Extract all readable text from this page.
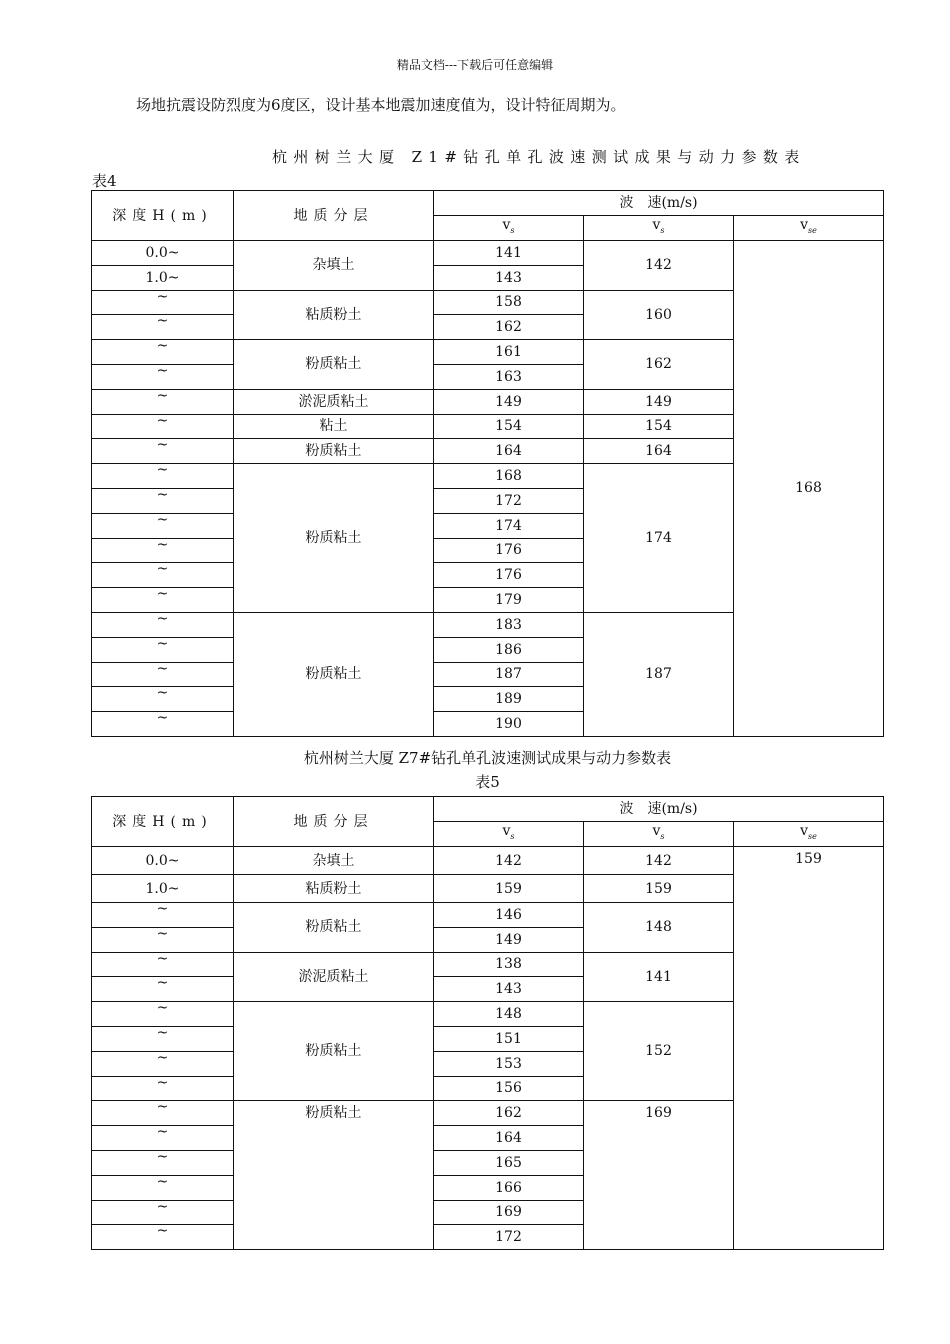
精品文档---下载后可任意编辑
场地抗震设防烈度为6度区，设计基本地震加速度值为，设计特征周期为。
杭州树兰大厦 Z1#钻孔单孔波速测试成果与动力参数表
表4
深度H(m)	地质分层	波　速(m/s)		
		$v_s$	$v_s$	$v_{se}$
0.0~	杂填土	141	142	168
1.0~		143		
~	粘质粉土	158	160	
~		162		
~	粉质粘土	161	162	
~		163		
~	淤泥质粘土	149	149	
~	粘土	154	154	
~	粉质粘土	164	164	
~	粉质粘土	168	174	
~		172		
~		174		
~		176		
~		176		
~		179		
~	粉质粘土	183	187	
~		186		
~		187		
~		189		
~		190		
杭州树兰大厦 Z7#钻孔单孔波速测试成果与动力参数表
表5
深度H(m)	地质分层	波　速(m/s)		
		$v_s$	$v_s$	$v_{se}$
0.0~	杂填土	142	142	159
1.0~	粘质粉土	159	159	
~	粉质粘土	146	148	
~		149		
~	淤泥质粘土	138	141	
~		143		
~	粉质粘土	148	152	
~		151		
~		153		
~		156		
~	粉质粘土	162	169	
~		164		
~		165		
~		166		
~		169		
~		172		
